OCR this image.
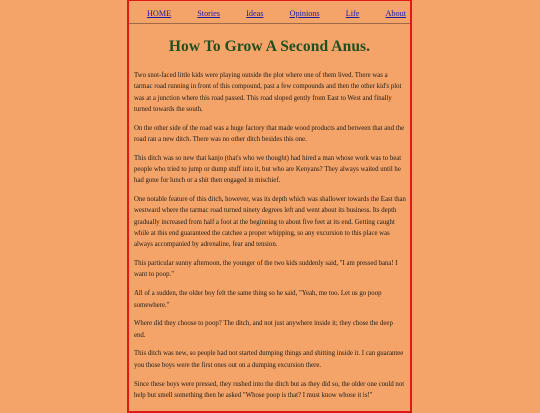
HOME	Stories	Ideas	Opinions	Life	About
How To Grow A Second Anus.

Two snot-faced little kids were playing outside the plot where one of them lived. There was a tarmac road running in front of this compound, past a few compounds and then the other kid's plot was at a junction where this road passed. This road sloped gently from East to West and finally turned towards the south.

On the other side of the road was a huge factory that made wood products and between that and the road ran a new ditch. There was no other ditch besides this one.

This ditch was so new that kanjo (that's who we thought) had hired a man whose work was to beat people who tried to jump or dump stuff into it, but who are Kenyans? They always waited until he had gone for lunch or a shit then engaged in mischief.

One notable feature of this ditch, however, was its depth which was shallower towards the East than westward where the tarmac road turned ninety degrees left and went about its business. Its depth gradually increased from half a foot at the beginning to about five feet at its end. Getting caught while at this end guaranteed the catchee a proper whipping, so any excursion to this place was always accompanied by adrenaline, fear and tension.

This particular sunny afternoon, the younger of the two kids suddenly said, "I am pressed bana! I want to poop."

All of a sudden, the older boy felt the same thing so he said, "Yeah, me too. Let us go poop somewhere."

Where did they choose to poop? The ditch, and not just anywhere inside it; they chose the deep end.

This ditch was new, so people had not started dumping things and shitting inside it. I can guarantee you those boys were the first ones out on a dumping excursion there.

Since these boys were pressed, they rushed into the ditch but as they did so, the older one could not help but smell something then he asked "Whose poop is that? I must know whose it is!"
